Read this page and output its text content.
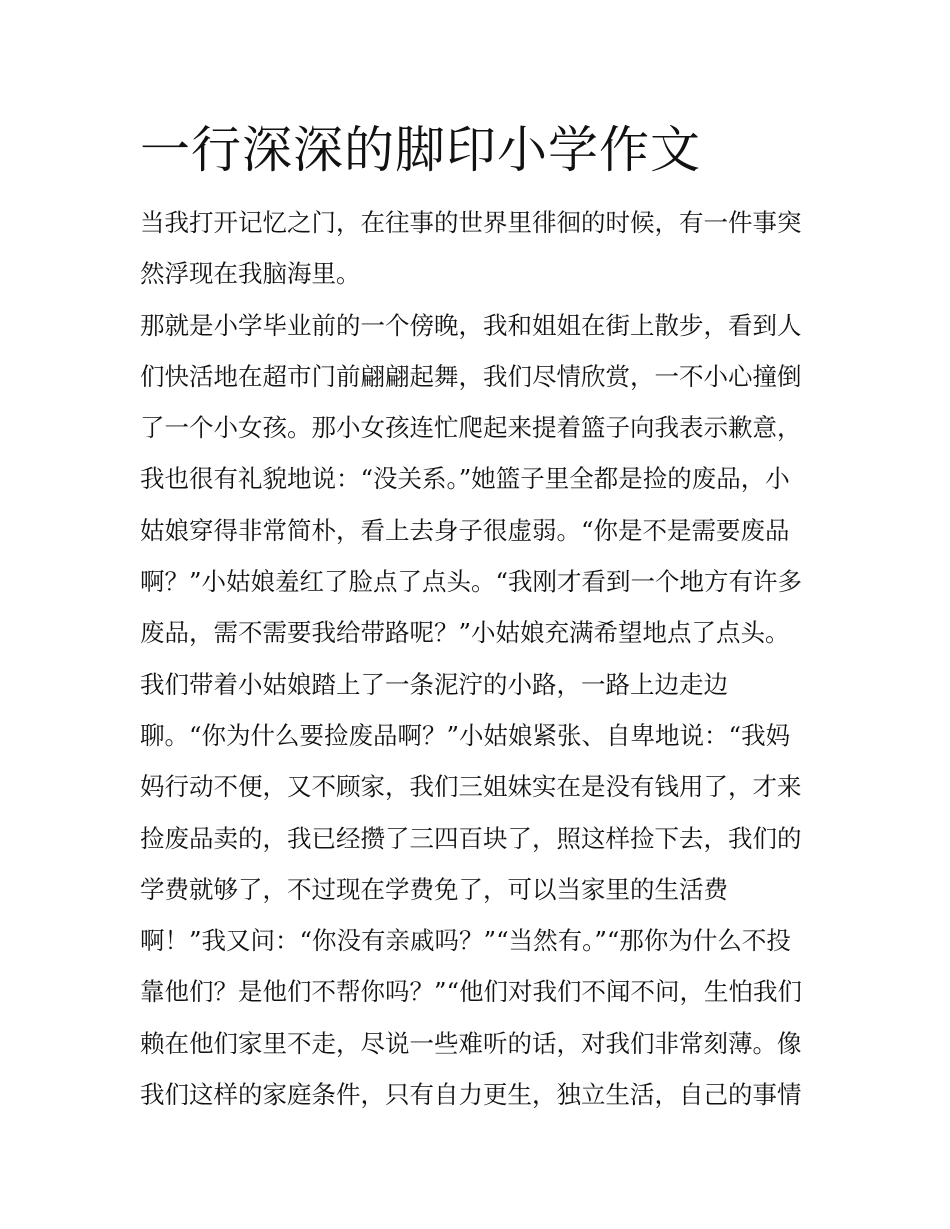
一行深深的脚印小学作文
当我打开记忆之门，在往事的世界里徘徊的时候，有一件事突
然浮现在我脑海里。
那就是小学毕业前的一个傍晚，我和姐姐在街上散步，看到人
们快活地在超市门前翩翩起舞，我们尽情欣赏，一不小心撞倒
了一个小女孩。那小女孩连忙爬起来提着篮子向我表示歉意，
我也很有礼貌地说：“没关系。”她篮子里全都是捡的废品，小
姑娘穿得非常简朴，看上去身子很虚弱。“你是不是需要废品
啊？”小姑娘羞红了脸点了点头。“我刚才看到一个地方有许多
废品，需不需要我给带路呢？”小姑娘充满希望地点了点头。
我们带着小姑娘踏上了一条泥泞的小路，一路上边走边
聊。“你为什么要捡废品啊？”小姑娘紧张、自卑地说：“我妈
妈行动不便，又不顾家，我们三姐妹实在是没有钱用了，才来
捡废品卖的，我已经攒了三四百块了，照这样捡下去，我们的
学费就够了，不过现在学费免了，可以当家里的生活费
啊！”我又问：“你没有亲戚吗？”“当然有。”“那你为什么不投
靠他们？是他们不帮你吗？”“他们对我们不闻不问，生怕我们
赖在他们家里不走，尽说一些难听的话，对我们非常刻薄。像
我们这样的家庭条件，只有自力更生，独立生活，自己的事情
